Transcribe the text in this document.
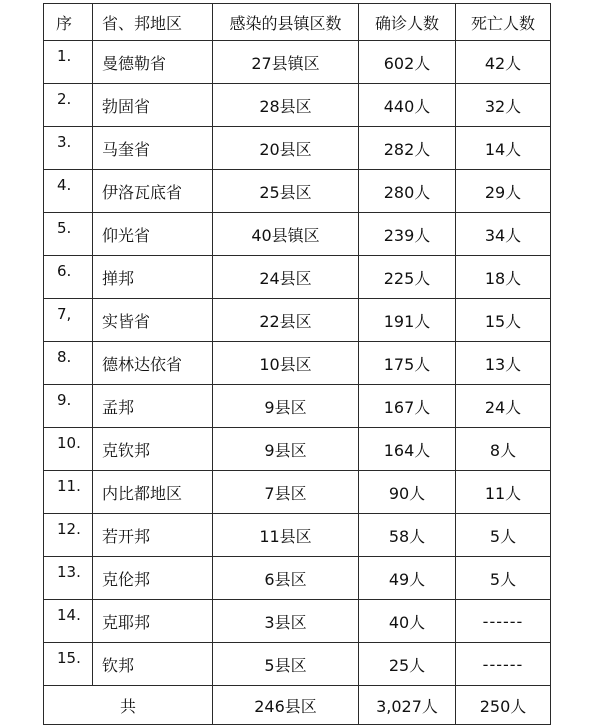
序	省、邦地区	感染的县镇区数	确诊人数	死亡人数
1.	曼德勒省	27县镇区	602人	42人
2.	勃固省	28县区	440人	32人
3.	马奎省	20县区	282人	14人
4.	伊洛瓦底省	25县区	280人	29人
5.	仰光省	40县镇区	239人	34人
6.	掸邦	24县区	225人	18人
7,	实皆省	22县区	191人	15人
8.	德林达依省	10县区	175人	13人
9.	孟邦	9县区	167人	24人
10.	克钦邦	9县区	164人	8人
11.	内比都地区	7县区	90人	11人
12.	若开邦	11县区	58人	5人
13.	克伦邦	6县区	49人	5人
14.	克耶邦	3县区	40人	------
15.	钦邦	5县区	25人	------
共		246县区	3,027人	250人
